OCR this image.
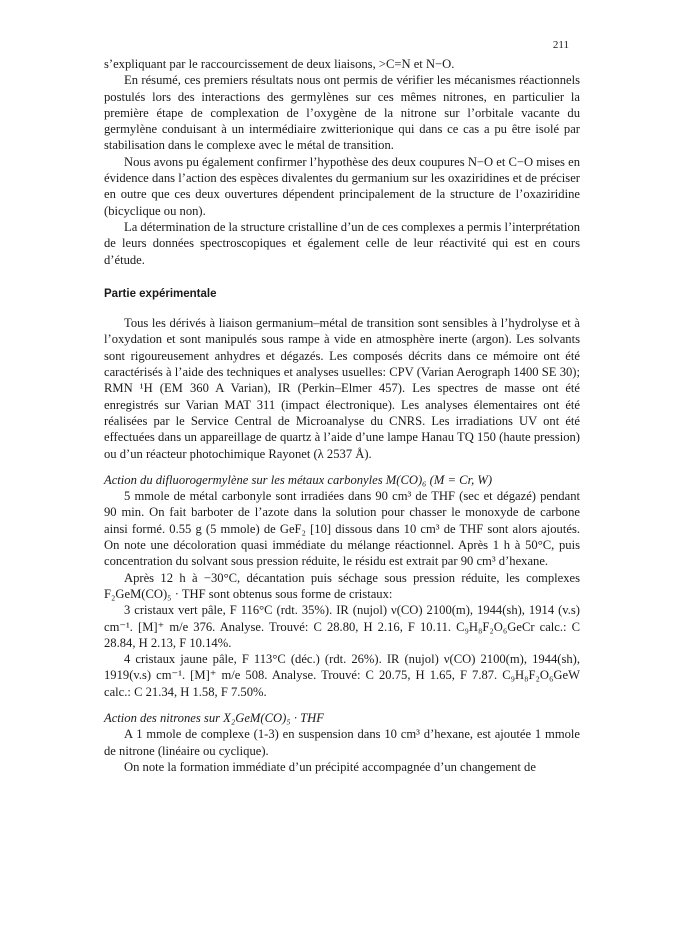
211

s’expliquant par le raccourcissement de deux liaisons, >C=N et N−O.

En résumé, ces premiers résultats nous ont permis de vérifier les mécanismes réactionnels postulés lors des interactions des germylènes sur ces mêmes nitrones, en particulier la première étape de complexation de l’oxygène de la nitrone sur l’orbitale vacante du germylène conduisant à un intermédiaire zwitterionique qui dans ce cas a pu être isolé par stabilisation dans le complexe avec le métal de transition.

Nous avons pu également confirmer l’hypothèse des deux coupures N−O et C−O mises en évidence dans l’action des espèces divalentes du germanium sur les oxaziridines et de préciser en outre que ces deux ouvertures dépendent principalement de la structure de l’oxaziridine (bicyclique ou non).

La détermination de la structure cristalline d’un de ces complexes a permis l’interprétation de leurs données spectroscopiques et également celle de leur réactivité qui est en cours d’étude.

Partie expérimentale

Tous les dérivés à liaison germanium–métal de transition sont sensibles à l’hydrolyse et à l’oxydation et sont manipulés sous rampe à vide en atmosphère inerte (argon). Les solvants sont rigoureusement anhydres et dégazés. Les composés décrits dans ce mémoire ont été caractérisés à l’aide des techniques et analyses usuelles: CPV (Varian Aerograph 1400 SE 30); RMN ¹H (EM 360 A Varian), IR (Perkin–Elmer 457). Les spectres de masse ont été enregistrés sur Varian MAT 311 (impact électronique). Les analyses élementaires ont été réalisées par le Service Central de Microanalyse du CNRS. Les irradiations UV ont été effectuées dans un appareillage de quartz à l’aide d’une lampe Hanau TQ 150 (haute pression) ou d’un réacteur photochimique Rayonet (λ 2537 Å).

Action du difluorogermylène sur les métaux carbonyles M(CO)₆ (M = Cr, W)

5 mmole de métal carbonyle sont irradiées dans 90 cm³ de THF (sec et dégazé) pendant 90 min. On fait barboter de l’azote dans la solution pour chasser le monoxyde de carbone ainsi formé. 0.55 g (5 mmole) de GeF₂ [10] dissous dans 10 cm³ de THF sont alors ajoutés. On note une décoloration quasi immédiate du mélange réactionnel. Après 1 h à 50°C, puis concentration du solvant sous pression réduite, le résidu est extrait par 90 cm³ d’hexane.

Après 12 h à −30°C, décantation puis séchage sous pression réduite, les complexes F₂GeM(CO)₅ · THF sont obtenus sous forme de cristaux:

3 cristaux vert pâle, F 116°C (rdt. 35%). IR (nujol) ν(CO) 2100(m), 1944(sh), 1914 (v.s) cm⁻¹. [M]⁺ m/e 376. Analyse. Trouvé: C 28.80, H 2.16, F 10.11. C₉H₈F₂O₆GeCr calc.: C 28.84, H 2.13, F 10.14%.

4 cristaux jaune pâle, F 113°C (déc.) (rdt. 26%). IR (nujol) ν(CO) 2100(m), 1944(sh), 1919(v.s) cm⁻¹. [M]⁺ m/e 508. Analyse. Trouvé: C 20.75, H 1.65, F 7.87. C₉H₈F₂O₆GeW calc.: C 21.34, H 1.58, F 7.50%.

Action des nitrones sur X₂GeM(CO)₅ · THF

A 1 mmole de complexe (1-3) en suspension dans 10 cm³ d’hexane, est ajoutée 1 mmole de nitrone (linéaire ou cyclique).

On note la formation immédiate d’un précipité accompagnée d’un changement de
